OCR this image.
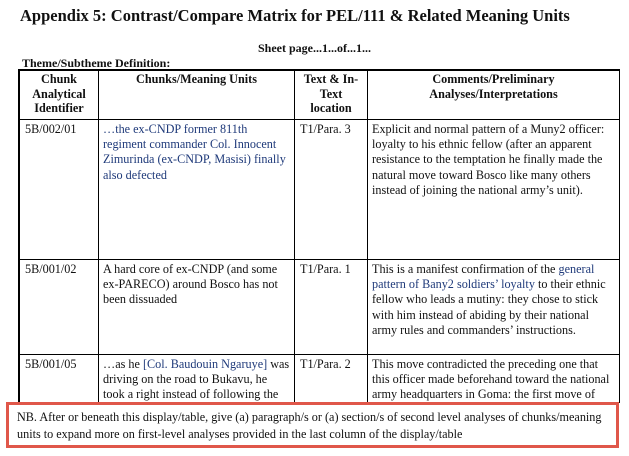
Appendix 5: Contrast/Compare Matrix for PEL/111 & Related Meaning Units
Sheet page...1...of...1...
Theme/Subtheme Definition:
Chunk Analytical Identifier	Chunks/Meaning Units	Text & In-Text location	Comments/Preliminary Analyses/Interpretations
5B/002/01	…the ex-CNDP former 811th regiment commander Col. Innocent Zimurinda (ex-CNDP, Masisi) finally also defected	T1/Para. 3	Explicit and normal pattern of a Muny2 officer: loyalty to his ethnic fellow (after an apparent resistance to the temptation he finally made the natural move toward Bosco like many others instead of joining the national army’s unit).
5B/001/02	A hard core of ex-CNDP (and some ex-PARECO) around Bosco has not been dissuaded	T1/Para. 1	This is a manifest confirmation of the general pattern of Bany2 soldiers’ loyalty to their ethnic fellow who leads a mutiny: they chose to stick with him instead of abiding by their national army rules and commanders’ instructions.
5B/001/05	…as he [Col. Baudouin Ngaruye] was driving on the road to Bukavu, he took a right instead of following the	T1/Para. 2	This move contradicted the preceding one that this officer made beforehand toward the national army headquarters in Goma: the first move of
NB. After or beneath this display/table, give (a) paragraph/s or (a) section/s of second level analyses of chunks/meaning units to expand more on first-level analyses provided in the last column of the display/table
